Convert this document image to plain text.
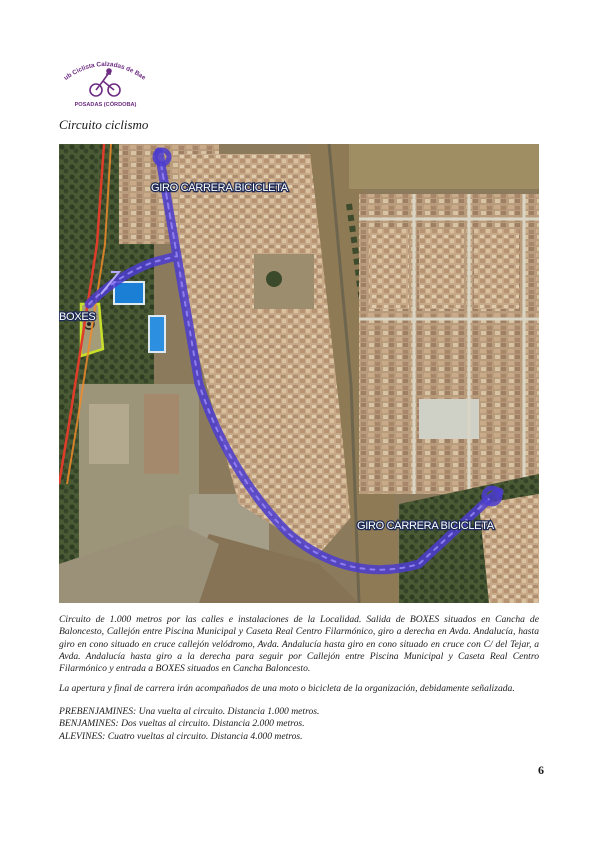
ub Ciclista Calzadas de Bae
POSADAS (CÓRDOBA)
Circuito ciclismo
GIRO CARRERA BICICLETA
GIRO CARRERA BICICLETA
BOXES

Circuito de 1.000 metros por las calles e instalaciones de la Localidad. Salida de BOXES situados en Cancha de Baloncesto, Callejón entre Piscina Municipal y Caseta Real Centro Filarmónico, giro a derecha en Avda. Andalucía, hasta giro en cono situado en cruce callejón velódromo, Avda. Andalucía hasta giro en cono situado en cruce con C/ del Tejar, a Avda. Andalucía hasta giro a la derecha para seguir por Callejón entre Piscina Municipal y Caseta Real Centro Filarmónico y entrada a BOXES situados en Cancha Baloncesto.

La apertura y final de carrera irán acompañados de una moto o bicicleta de la organización, debidamente señalizada.

PREBENJAMINES: Una vuelta al circuito. Distancia 1.000 metros.
BENJAMINES: Dos vueltas al circuito. Distancia 2.000 metros.
ALEVINES: Cuatro vueltas al circuito. Distancia 4.000 metros.
6
